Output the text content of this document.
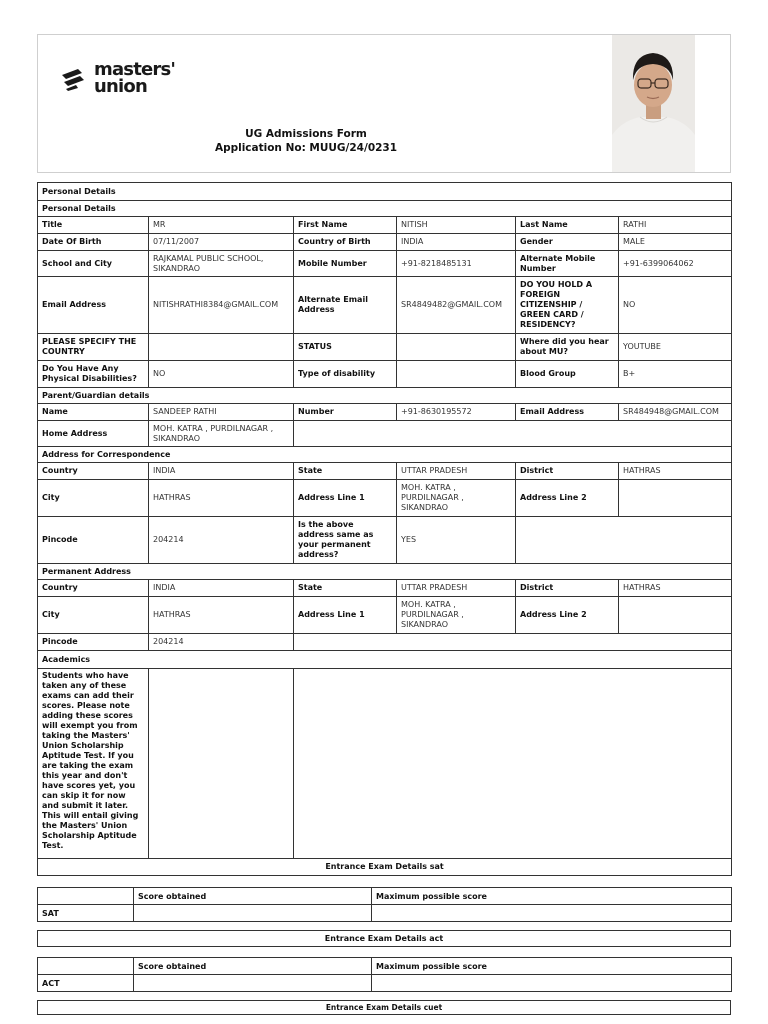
masters'
union
UG Admissions Form
Application No: MUUG/24/0231
Personal Details					
Personal Details					
Title	MR	First Name	NITISH	Last Name	RATHI
Date Of Birth	07/11/2007	Country of Birth	INDIA	Gender	MALE
School and City	RAJKAMAL PUBLIC SCHOOL, SIKANDRAO	Mobile Number	+91-8218485131	Alternate Mobile Number	+91-6399064062
Email Address	NITISHRATHI8384@GMAIL.COM	Alternate Email Address	SR4849482@GMAIL.COM	DO YOU HOLD A FOREIGN CITIZENSHIP / GREEN CARD / RESIDENCY?	NO
PLEASE SPECIFY THE COUNTRY		STATUS		Where did you hear about MU?	YOUTUBE
Do You Have Any Physical Disabilities?	NO	Type of disability		Blood Group	B+
Parent/Guardian details					
Name	SANDEEP RATHI	Number	+91-8630195572	Email Address	SR484948@GMAIL.COM
Home Address	MOH. KATRA , PURDILNAGAR , SIKANDRAO				
Address for Correspondence					
Country	INDIA	State	UTTAR PRADESH	District	HATHRAS
City	HATHRAS	Address Line 1	MOH. KATRA , PURDILNAGAR , SIKANDRAO	Address Line 2	
Pincode	204214	Is the above address same as your permanent address?	YES		
Permanent Address					
Country	INDIA	State	UTTAR PRADESH	District	HATHRAS
City	HATHRAS	Address Line 1	MOH. KATRA , PURDILNAGAR , SIKANDRAO	Address Line 2	
Pincode	204214				
Academics					
Students who have taken any of these exams can add their scores. Please note adding these scores will exempt you from taking the Masters' Union Scholarship Aptitude Test. If you are taking the exam this year and don't have scores yet, you can skip it for now and submit it later. This will entail giving the Masters' Union Scholarship Aptitude Test.					
Entrance Exam Details sat					
	Score obtained	Maximum possible score
SAT		
Entrance Exam Details act
	Score obtained	Maximum possible score
ACT		
Entrance Exam Details cuet
